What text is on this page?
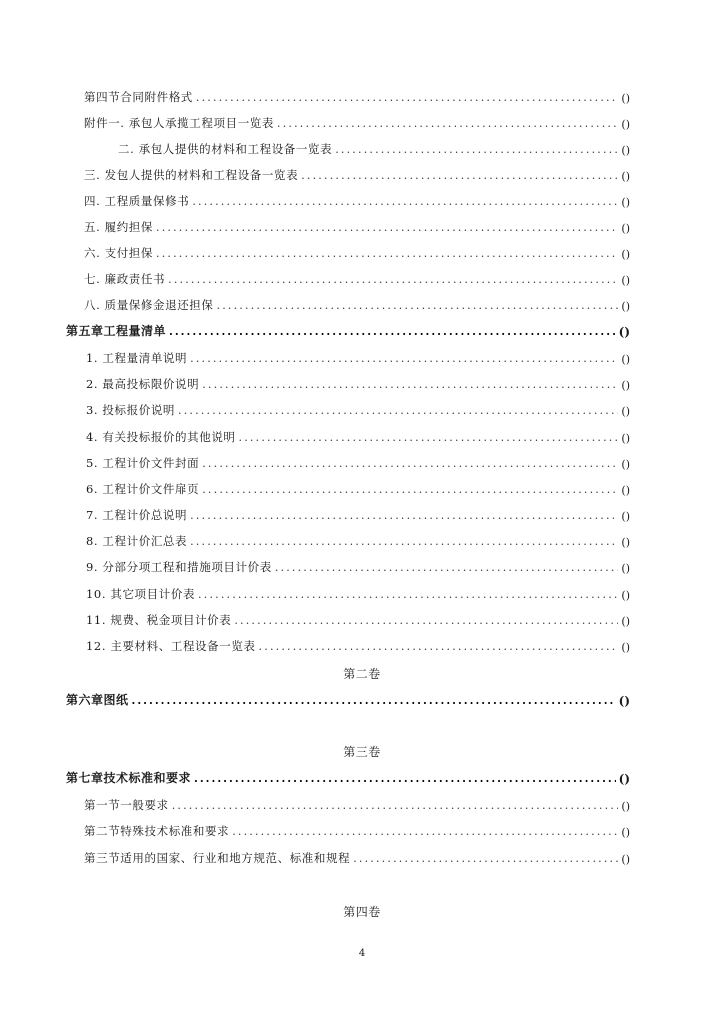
第四节合同附件格式 .....	()
附件一. 承包人承揽工程项目一览表 .....	()
二. 承包人提供的材料和工程设备一览表 .....	()
三. 发包人提供的材料和工程设备一览表 .....	()
四. 工程质量保修书 .....	()
五. 履约担保 .....	()
六. 支付担保 .....	()
七. 廉政责任书 .....	()
八. 质量保修金退还担保 .....	()
第五章工程量清单 .....	()
1. 工程量清单说明 .....	()
2. 最高投标限价说明 .....	()
3. 投标报价说明 .....	()
4. 有关投标报价的其他说明 .....	()
5. 工程计价文件封面 .....	()
6. 工程计价文件扉页 .....	()
7. 工程计价总说明 .....	()
8. 工程计价汇总表 .....	()
9. 分部分项工程和措施项目计价表 .....	()
10. 其它项目计价表 .....	()
11. 规费、税金项目计价表 .....	()
12. 主要材料、工程设备一览表 .....	()
第二卷
第六章图纸 .....	()
第三卷
第七章技术标准和要求 .....	()
第一节一般要求 .....	()
第二节特殊技术标准和要求 .....	()
第三节适用的国家、行业和地方规范、标准和规程 .....	()
第四卷
4
